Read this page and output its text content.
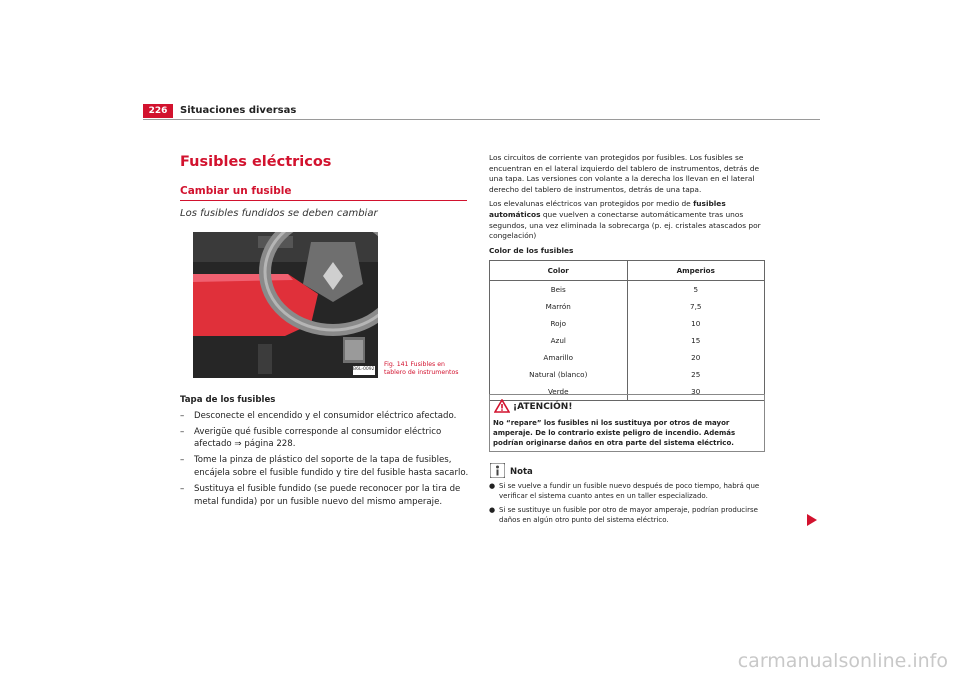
226	Situaciones diversas
Fusibles eléctricos
Cambiar un fusible
Los fusibles fundidos se deben cambiar
B6L-0092
Fig. 141 Fusibles en
tablero de instrumentos
Tapa de los fusibles
–	Desconecte el encendido y el consumidor eléctrico afectado.
–	Averigüe qué fusible corresponde al consumidor eléctrico afectado ⇒ página 228.
–	Tome la pinza de plástico del soporte de la tapa de fusibles, encájela sobre el fusible fundido y tire del fusible hasta sacarlo.
–	Sustituya el fusible fundido (se puede reconocer por la tira de metal fundida) por un fusible nuevo del mismo amperaje.

Los circuitos de corriente van protegidos por fusibles. Los fusibles se encuentran en el lateral izquierdo del tablero de instrumentos, detrás de una tapa. Las versiones con volante a la derecha los llevan en el lateral derecho del tablero de instrumentos, detrás de una tapa.

Los elevalunas eléctricos van protegidos por medio de fusibles automáticos que vuelven a conectarse automáticamente tras unos segundos, una vez eliminada la sobrecarga (p. ej. cristales atascados por congelación)

Color de los fusibles

Color	Amperios
Beis	5
Marrón	7,5
Rojo	10
Azul	15
Amarillo	20
Natural (blanco)	25
Verde	30
¡ATENCIÓN!
No “repare” los fusibles ni los sustituya por otros de mayor amperaje. De lo contrario existe peligro de incendio. Además podrían originarse daños en otra parte del sistema eléctrico.
Nota
● Si se vuelve a fundir un fusible nuevo después de poco tiempo, habrá que verificar el sistema cuanto antes en un taller especializado.
● Si se sustituye un fusible por otro de mayor amperaje, podrían producirse daños en algún otro punto del sistema eléctrico.
carmanualsonline.info
